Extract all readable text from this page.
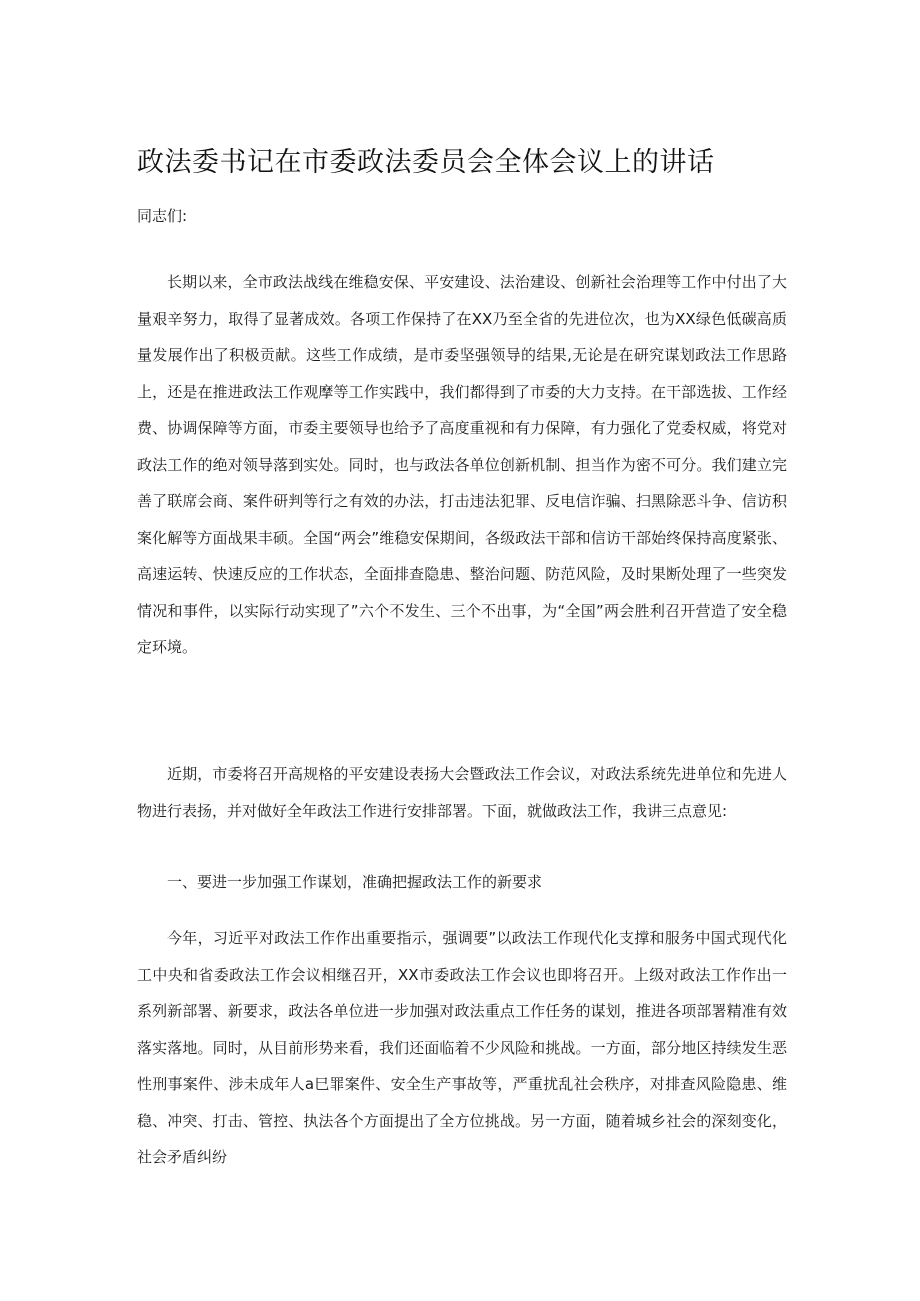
政法委书记在市委政法委员会全体会议上的讲话

同志们:

长期以来，全市政法战线在维稳安保、平安建设、法治建设、创新社会治理等工作中付出了大量艰辛努力，取得了显著成效。各项工作保持了在XX乃至全省的先进位次，也为XX绿色低碳高质量发展作出了积极贡献。这些工作成绩，是市委坚强领导的结果,无论是在研究谋划政法工作思路上，还是在推进政法工作观摩等工作实践中，我们都得到了市委的大力支持。在干部选拔、工作经费、协调保障等方面，市委主要领导也给予了高度重视和有力保障，有力强化了党委权威，将党对政法工作的绝对领导落到实处。同时，也与政法各单位创新机制、担当作为密不可分。我们建立完善了联席会商、案件研判等行之有效的办法，打击违法犯罪、反电信诈骗、扫黑除恶斗争、信访积案化解等方面战果丰硕。全国“两会”维稳安保期间，各级政法干部和信访干部始终保持高度紧张、高速运转、快速反应的工作状态，全面排查隐患、整治问题、防范风险，及时果断处理了一些突发情况和事件，以实际行动实现了”六个不发生、三个不出事，为“全国”两会胜利召开营造了安全稳定环境。

近期，市委将召开高规格的平安建设表扬大会暨政法工作会议，对政法系统先进单位和先进人物进行表扬，并对做好全年政法工作进行安排部署。下面，就做政法工作，我讲三点意见:

一、要进一步加强工作谋划，准确把握政法工作的新要求

今年，习近平对政法工作作出重要指示，强调要”以政法工作现代化支撑和服务中国式现代化工中央和省委政法工作会议相继召开，XX市委政法工作会议也即将召开。上级对政法工作作出一系列新部署、新要求，政法各单位进一步加强对政法重点工作任务的谋划，推进各项部署精准有效落实落地。同时，从目前形势来看，我们还面临着不少风险和挑战。一方面，部分地区持续发生恶性刑事案件、涉未成年人a巳罪案件、安全生产事故等，严重扰乱社会秩序，对排查风险隐患、维稳、冲突、打击、管控、执法各个方面提出了全方位挑战。另一方面，随着城乡社会的深刻变化，社会矛盾纠纷
